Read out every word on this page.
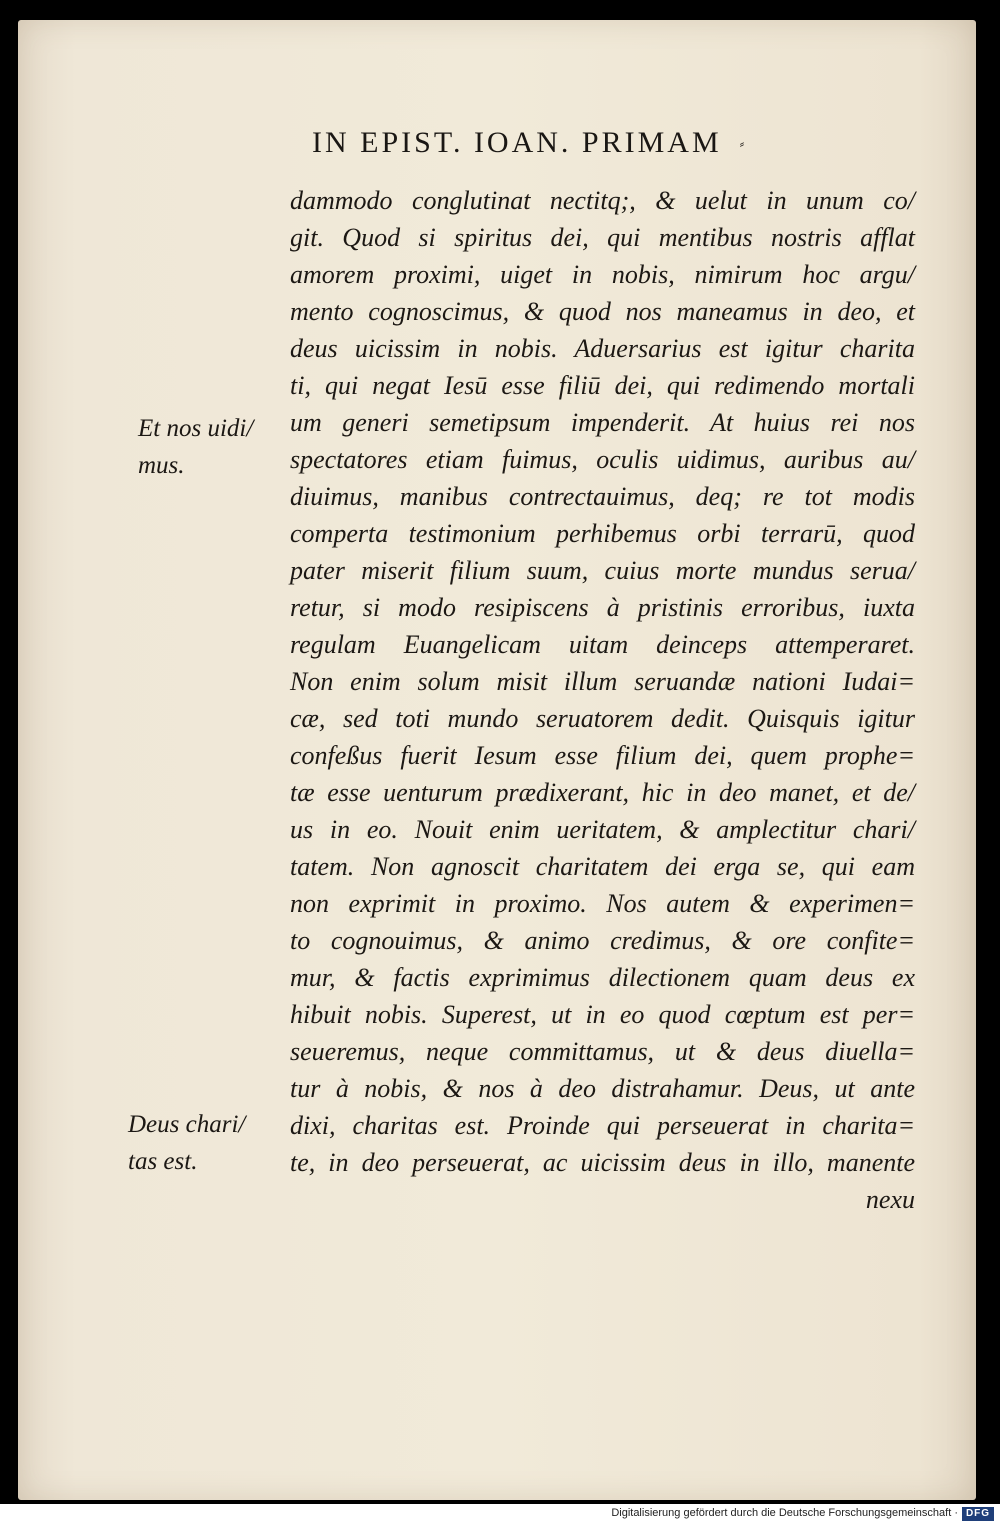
IN EPIST. IOAN. PRIMAM ⸗
dammodo conglutinat nectitq;, & uelut in unum co/
git. Quod si spiritus dei, qui mentibus nostris afflat
amorem proximi, uiget in nobis, nimirum hoc argu/
mento cognoscimus, & quod nos maneamus in deo, et
deus uicissim in nobis. Aduersarius est igitur charita
ti, qui negat Iesū esse filiū dei, qui redimendo mortali
um generi semetipsum impenderit. At huius rei nos
spectatores etiam fuimus, oculis uidimus, auribus au/
diuimus, manibus contrectauimus, deq; re tot modis
comperta testimonium perhibemus orbi terrarū, quod
pater miserit filium suum, cuius morte mundus serua/
retur, si modo resipiscens à pristinis erroribus, iuxta
regulam Euangelicam uitam deinceps attemperaret.
Non enim solum misit illum seruandæ nationi Iudai=
cæ, sed toti mundo seruatorem dedit. Quisquis igitur
confeßus fuerit Iesum esse filium dei, quem prophe=
tæ esse uenturum prædixerant, hic in deo manet, et de/
us in eo. Nouit enim ueritatem, & amplectitur chari/
tatem. Non agnoscit charitatem dei erga se, qui eam
non exprimit in proximo. Nos autem & experimen=
to cognouimus, & animo credimus, & ore confite=
mur, & factis exprimimus dilectionem quam deus ex
hibuit nobis. Superest, ut in eo quod cœptum est per=
seueremus, neque committamus, ut & deus diuella=
tur à nobis, & nos à deo distrahamur. Deus, ut ante
dixi, charitas est. Proinde qui perseuerat in charita=
te, in deo perseuerat, ac uicissim deus in illo, manente
nexu
Et nos uidi/
mus.
Deus chari/
tas est.
Digitalisierung gefördert durch die Deutsche Forschungsgemeinschaft · DFG
